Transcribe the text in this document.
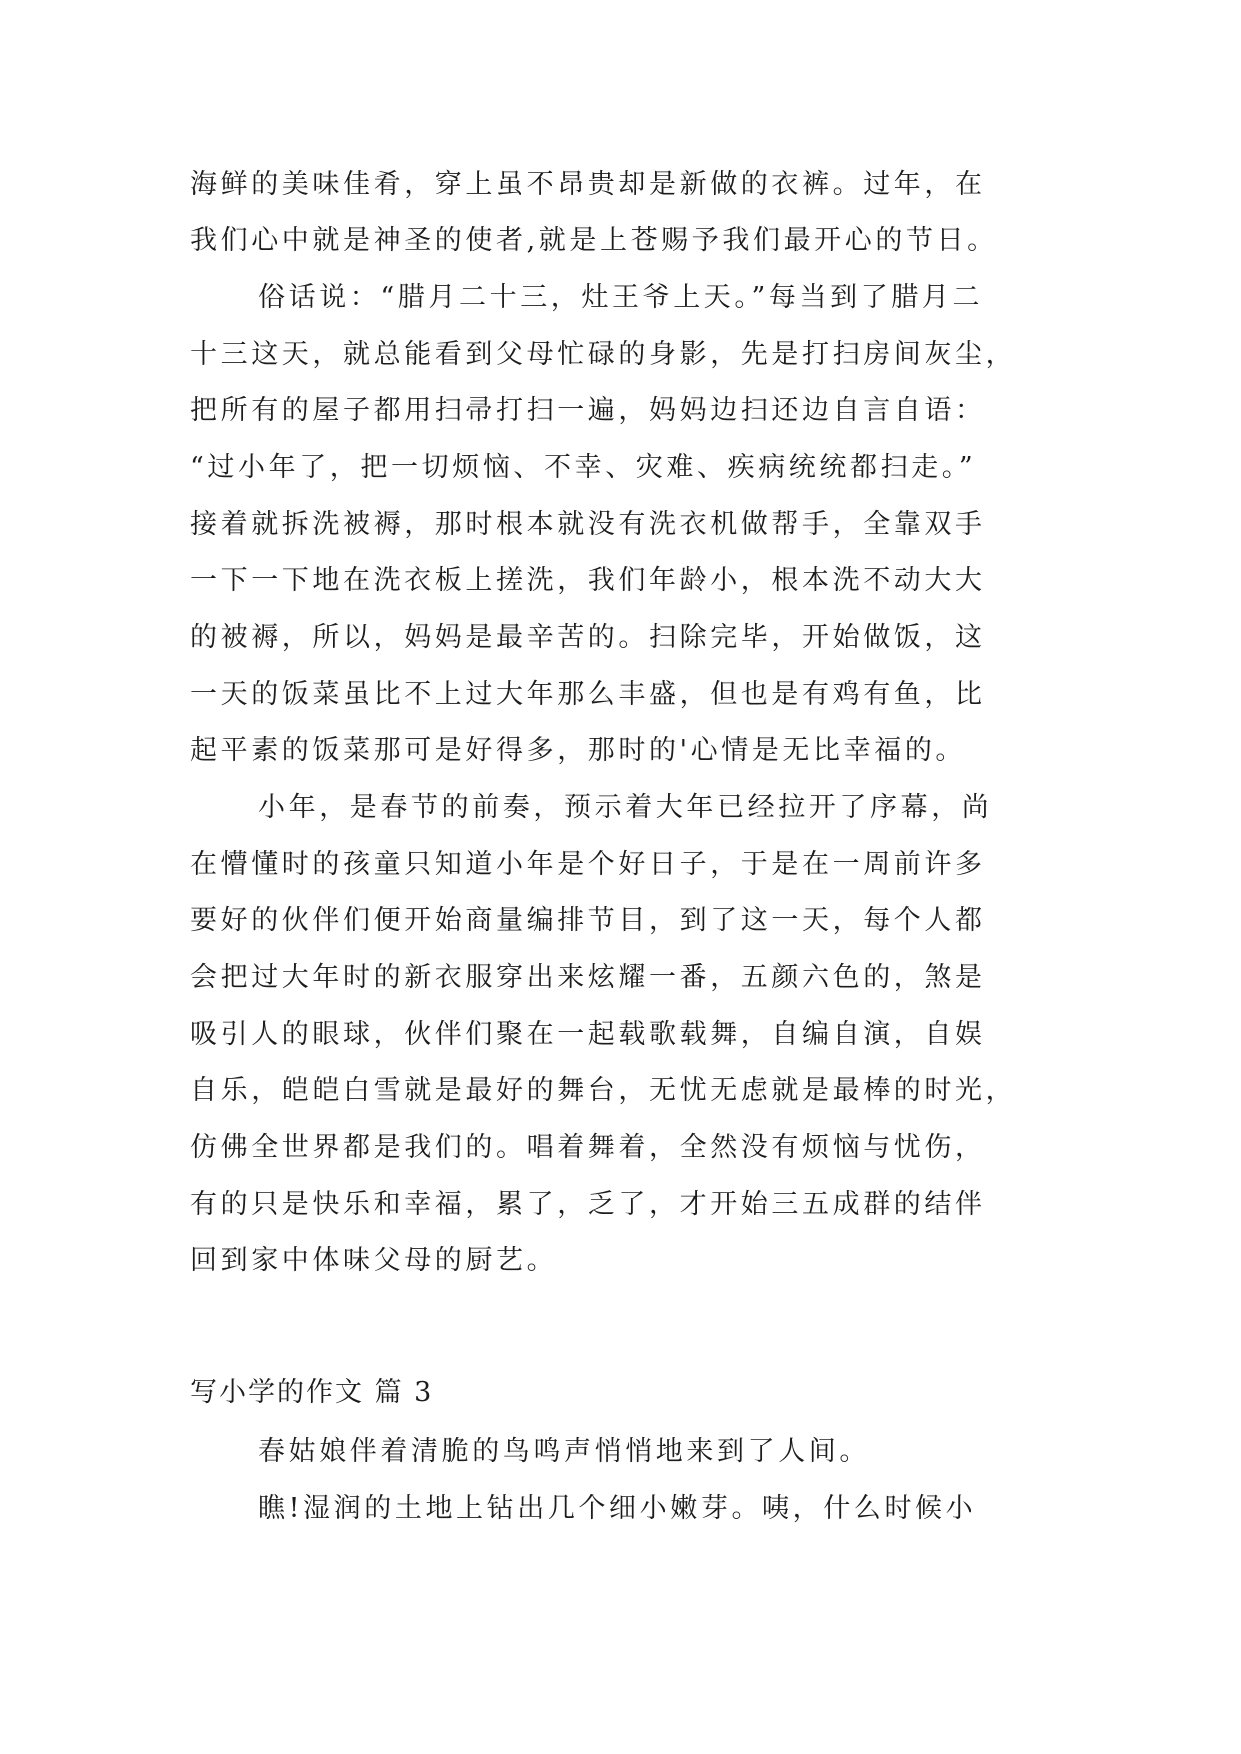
海鲜的美味佳肴，穿上虽不昂贵却是新做的衣裤。过年，在
我们心中就是神圣的使者,就是上苍赐予我们最开心的节日。
俗话说：“腊月二十三，灶王爷上天。”每当到了腊月二
十三这天，就总能看到父母忙碌的身影，先是打扫房间灰尘，
把所有的屋子都用扫帚打扫一遍，妈妈边扫还边自言自语：
“过小年了，把一切烦恼、不幸、灾难、疾病统统都扫走。”
接着就拆洗被褥，那时根本就没有洗衣机做帮手，全靠双手
一下一下地在洗衣板上搓洗，我们年龄小，根本洗不动大大
的被褥，所以，妈妈是最辛苦的。扫除完毕，开始做饭，这
一天的饭菜虽比不上过大年那么丰盛，但也是有鸡有鱼，比
起平素的饭菜那可是好得多，那时的'心情是无比幸福的。
小年，是春节的前奏，预示着大年已经拉开了序幕，尚
在懵懂时的孩童只知道小年是个好日子，于是在一周前许多
要好的伙伴们便开始商量编排节目，到了这一天，每个人都
会把过大年时的新衣服穿出来炫耀一番，五颜六色的，煞是
吸引人的眼球，伙伴们聚在一起载歌载舞，自编自演，自娱
自乐，皑皑白雪就是最好的舞台，无忧无虑就是最棒的时光，
仿佛全世界都是我们的。唱着舞着，全然没有烦恼与忧伤，
有的只是快乐和幸福，累了，乏了，才开始三五成群的结伴
回到家中体味父母的厨艺。
写小学的作文 篇 3
春姑娘伴着清脆的鸟鸣声悄悄地来到了人间。
瞧!湿润的土地上钻出几个细小嫩芽。咦，什么时候小
